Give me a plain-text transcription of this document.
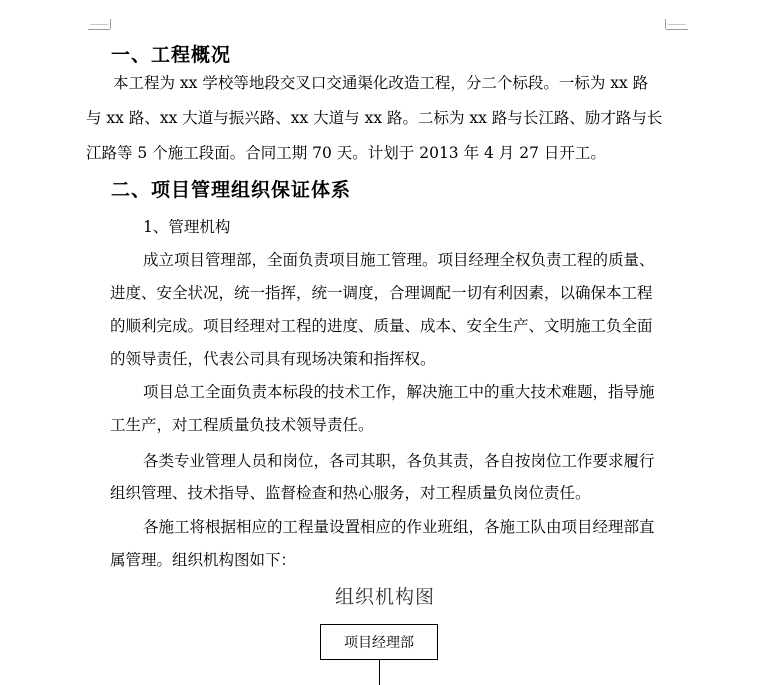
一、工程概况
本工程为 xx 学校等地段交叉口交通渠化改造工程，分二个标段。一标为 xx 路
与 xx 路、xx 大道与振兴路、xx 大道与 xx 路。二标为 xx 路与长江路、励才路与长
江路等 5 个施工段面。合同工期 70 天。计划于 2013 年 4 月 27 日开工。
二、项目管理组织保证体系
1、管理机构
成立项目管理部，全面负责项目施工管理。项目经理全权负责工程的质量、
进度、安全状况，统一指挥，统一调度，合理调配一切有利因素，以确保本工程
的顺利完成。项目经理对工程的进度、质量、成本、安全生产、文明施工负全面
的领导责任，代表公司具有现场决策和指挥权。
项目总工全面负责本标段的技术工作，解决施工中的重大技术难题，指导施
工生产，对工程质量负技术领导责任。
各类专业管理人员和岗位，各司其职，各负其责，各自按岗位工作要求履行
组织管理、技术指导、监督检查和热心服务，对工程质量负岗位责任。
各施工将根据相应的工程量设置相应的作业班组，各施工队由项目经理部直
属管理。组织机构图如下：
组织机构图
项目经理部
